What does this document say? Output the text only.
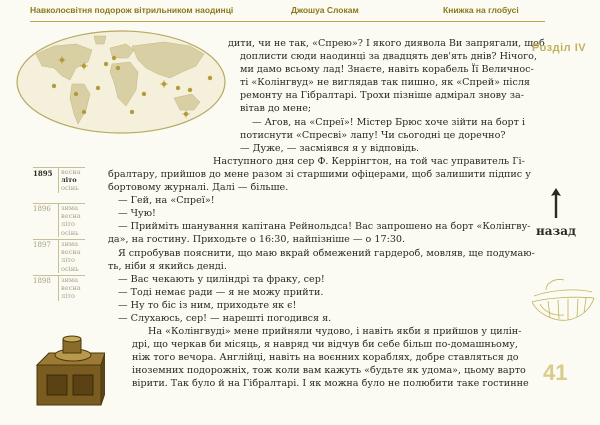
Навколосвітня подорож вітрильником наодинці	Джошуа Слокам	Книжка на глобусі
1895	весна
літо
осінь
1896	зима
весна
літо
осінь
1897	зима
весна
літо
осінь
1898	зима
весна
літо
дити, чи не так, «Спрею»? І якого диявола Ви запрягали, щоб
доплисти сюди наодинці за двадцять дев'ять днів? Нічого,
ми дамо всьому лад! Знаєте, навіть корабель Її Величнос-
ті «Колінгвуд» не виглядав так пишно, як «Спрей» після
ремонту на Гібралтарі. Трохи пізніше адмірал знову за-
вітав до мене;
— Агов, на «Спреї»! Містер Брюс хоче зійти на борт і
потиснути «Спресві» лапу! Чи сьогодні це доречно?
— Дуже, — засміявся я у відповідь.
Наступного дня сер Ф. Керрінгтон, на той час управитель Гі-
бралтару, прийшов до мене разом зі старшими офіцерами, щоб залишити підпис у
бортовому журналі. Далі — більше.
— Гей, на «Спреї»!
— Чую!
— Прийміть шанування капітана Рейнольдса! Вас запрошено на борт «Колінгву-
да», на гостину. Приходьте о 16:30, найпізніше — о 17:30.
Я спробував пояснити, що маю вкрай обмежений гардероб, мовляв, ще подумаю-
ть, ніби я якийсь денді.
— Вас чекають у циліндрі та фраку, сер!
— Тоді немає ради — я не можу прийти.
— Ну то біс із ним, приходьте як є!
— Слухаюсь, сер! — нарешті погодився я.
На «Колінгвуді» мене прийняли чудово, і навіть якби я прийшов у цилін-
дрі, що черкав би місяць, я навряд чи відчув би себе більш по-домашньому,
ніж того вечора. Англійці, навіть на воєнних кораблях, добре ставляться до
іноземних подорожніх, тож коли вам кажуть «будьте як удома», цьому варто
вірити. Так було й на Гібралтарі. І як можна було не полюбити таке гостинне
Розділ IV
назад
41
